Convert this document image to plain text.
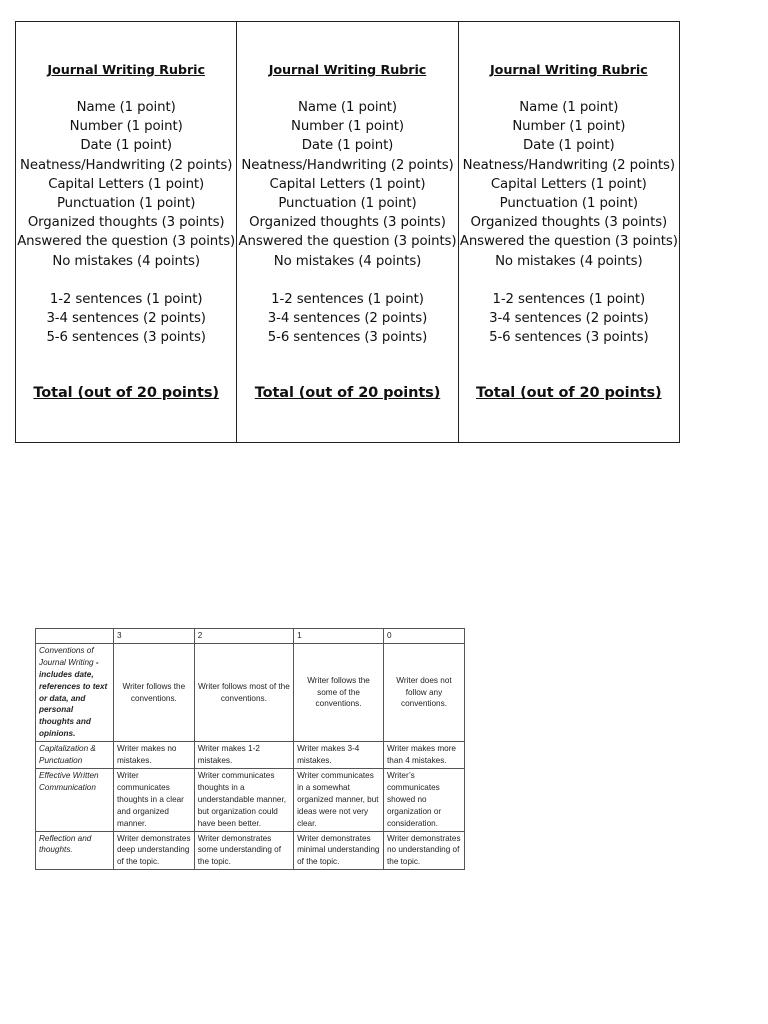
Journal Writing Rubric
Name (1 point)
Number (1 point)
Date (1 point)
Neatness/Handwriting (2 points)
Capital Letters (1 point)
Punctuation (1 point)
Organized thoughts (3 points)
Answered the question (3 points)
No mistakes (4 points)
1-2 sentences (1 point)
3-4 sentences (2 points)
5-6 sentences (3 points)
Total (out of 20 points)
Journal Writing Rubric
Name (1 point)
Number (1 point)
Date (1 point)
Neatness/Handwriting (2 points)
Capital Letters (1 point)
Punctuation (1 point)
Organized thoughts (3 points)
Answered the question (3 points)
No mistakes (4 points)
1-2 sentences (1 point)
3-4 sentences (2 points)
5-6 sentences (3 points)
Total (out of 20 points)
Journal Writing Rubric
Name (1 point)
Number (1 point)
Date (1 point)
Neatness/Handwriting (2 points)
Capital Letters (1 point)
Punctuation (1 point)
Organized thoughts (3 points)
Answered the question (3 points)
No mistakes (4 points)
1-2 sentences (1 point)
3-4 sentences (2 points)
5-6 sentences (3 points)
Total (out of 20 points)
	3	2	1	0
Conventions of Journal Writing - includes date, references to text or data, and personal thoughts and opinions.	Writer follows the conventions.	Writer follows most of the conventions.	Writer follows the some of the conventions.	Writer does not follow any conventions.
Capitalization & Punctuation	Writer makes no mistakes.	Writer makes 1-2 mistakes.	Writer makes 3-4 mistakes.	Writer makes more than 4 mistakes.
Effective Written Communication	Writer communicates thoughts in a clear and organized manner.	Writer communicates thoughts in a understandable manner, but organization could have been better.	Writer communicates in a somewhat organized manner, but ideas were not very clear.	Writer’s communicates showed no organization or consideration.
Reflection and thoughts.	Writer demonstrates deep understanding of the topic.	Writer demonstrates some understanding of the topic.	Writer demonstrates minimal understanding of the topic.	Writer demonstrates no understanding of the topic.
